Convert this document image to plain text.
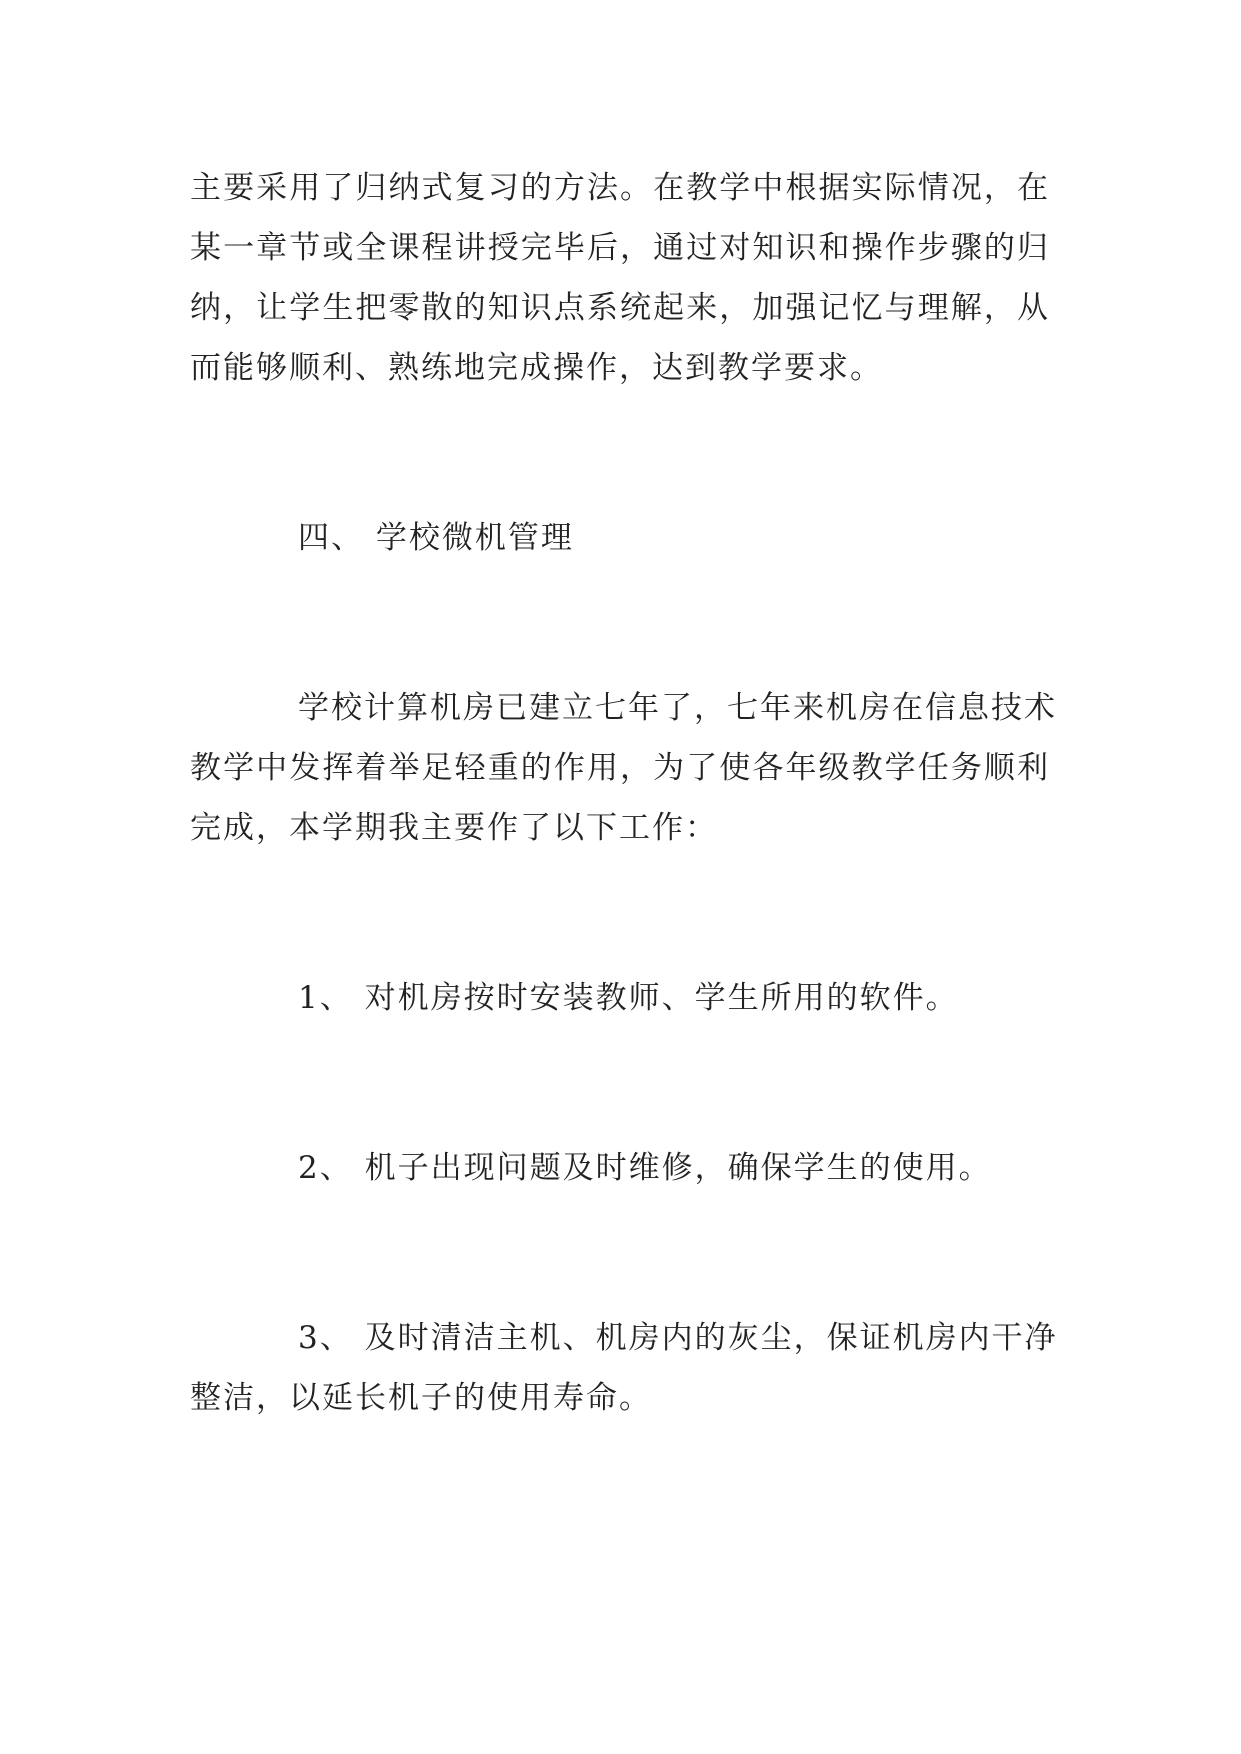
主要采用了归纳式复习的方法。在教学中根据实际情况，在
某一章节或全课程讲授完毕后，通过对知识和操作步骤的归
纳，让学生把零散的知识点系统起来，加强记忆与理解，从
而能够顺利、熟练地完成操作，达到教学要求。
四、 学校微机管理
学校计算机房已建立七年了，七年来机房在信息技术
教学中发挥着举足轻重的作用，为了使各年级教学任务顺利
完成，本学期我主要作了以下工作：
1、 对机房按时安装教师、学生所用的软件。
2、 机子出现问题及时维修，确保学生的使用。
3、 及时清洁主机、机房内的灰尘，保证机房内干净
整洁，以延长机子的使用寿命。
